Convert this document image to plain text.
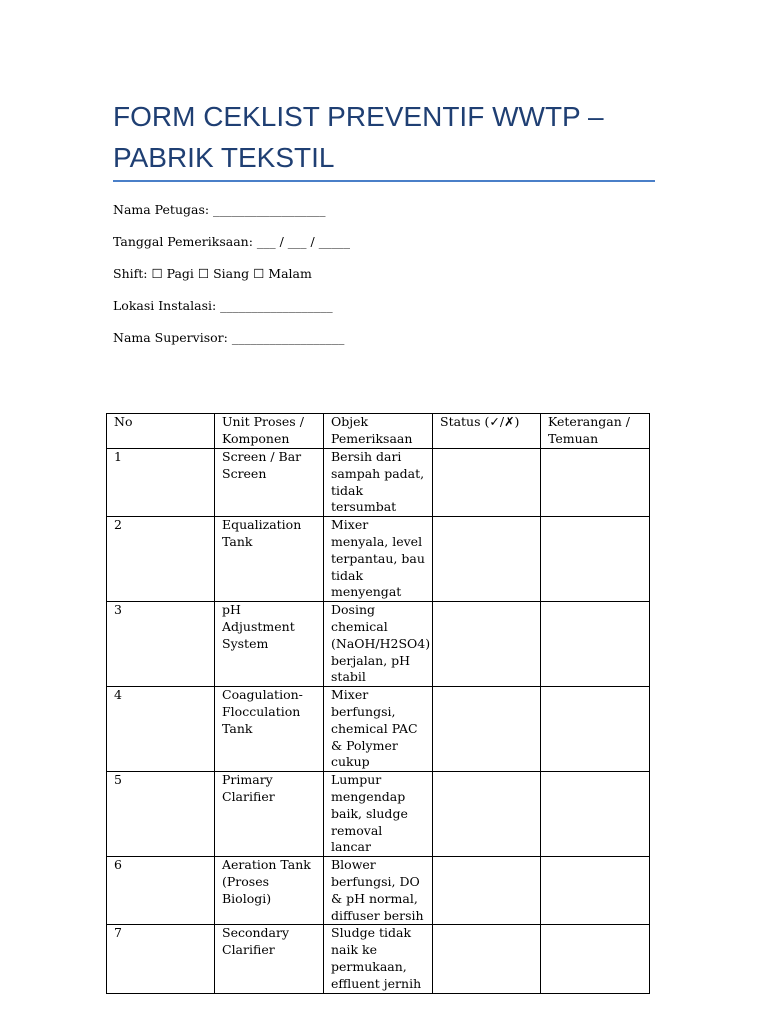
FORM CEKLIST PREVENTIF WWTP – PABRIK TEKSTIL
Nama Petugas: __________________
Tanggal Pemeriksaan: ___ / ___ / _____
Shift: ☐ Pagi ☐ Siang ☐ Malam
Lokasi Instalasi: __________________
Nama Supervisor: __________________
No	Unit Proses / Komponen	Objek Pemeriksaan	Status (✓/✗)	Keterangan / Temuan
1	Screen / Bar Screen	Bersih dari sampah padat, tidak tersumbat		
2	Equalization Tank	Mixer menyala, level terpantau, bau tidak menyengat		
3	pH Adjustment System	Dosing chemical (NaOH/H2SO4) berjalan, pH stabil		
4	Coagulation-Flocculation Tank	Mixer berfungsi, chemical PAC & Polymer cukup		
5	Primary Clarifier	Lumpur mengendap baik, sludge removal lancar		
6	Aeration Tank (Proses Biologi)	Blower berfungsi, DO & pH normal, diffuser bersih		
7	Secondary Clarifier	Sludge tidak naik ke permukaan, effluent jernih		
